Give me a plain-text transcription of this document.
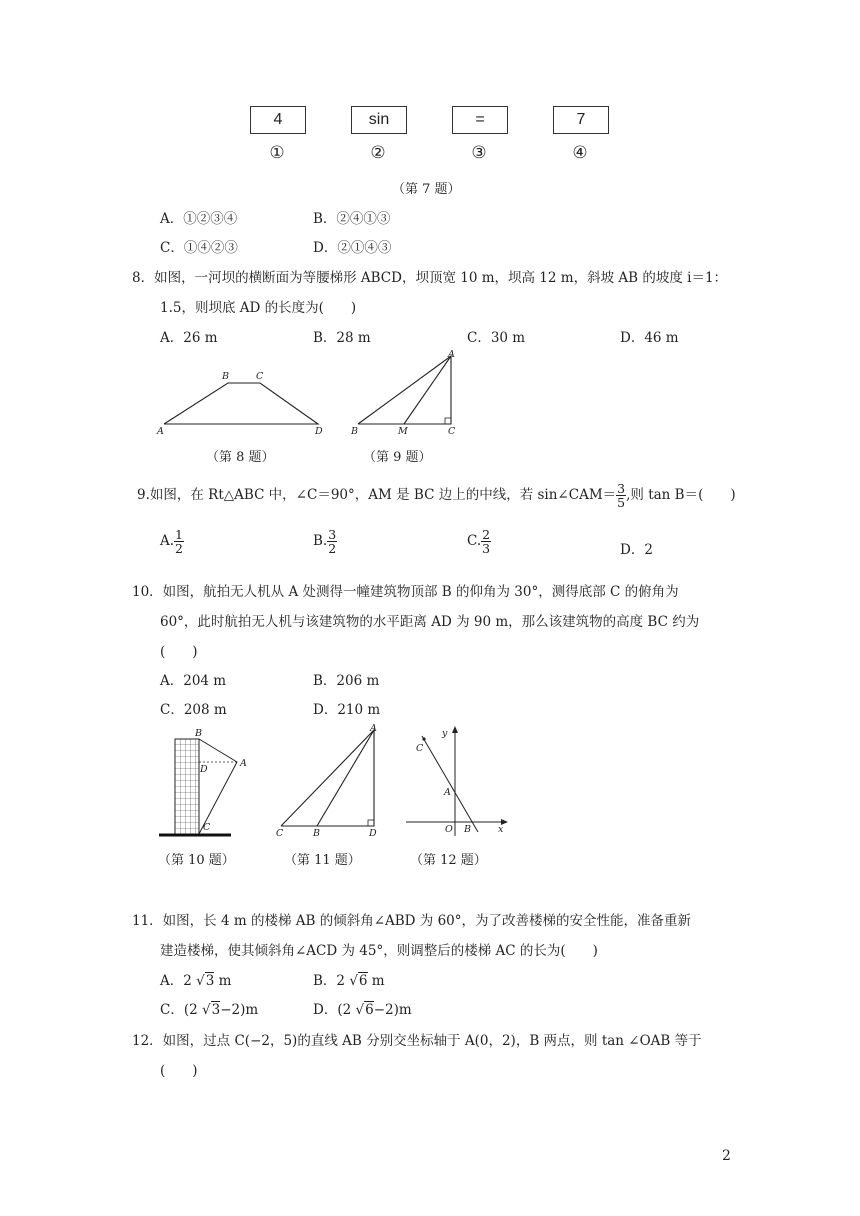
4	sin	=	7
①	②	③	④
（第 7 题）
A．①②③④	B．②④①③
C．①④②③	D．②①④③
8．如图，一河坝的横断面为等腰梯形 ABCD，坝顶宽 10 m，坝高 12 m，斜坡 AB 的坡度 i＝1：
1.5，则坝底 AD 的长度为(　　)
A．26 m	B．28 m	C．30 m	D．46 m
A
B	C
D
A
B	M	C
（第 8 题）	（第 9 题）
9.如图，在 Rt△ABC 中，∠C＝90°，AM 是 BC 边上的中线，若 sin∠CAM＝ $\frac{3}{5}$ ,则 tan B＝(　　)
A. $\frac{1}{2}$	B. $\frac{3}{2}$	C. $\frac{2}{3}$	D．2
10．如图，航拍无人机从 A 处测得一幢建筑物顶部 B 的仰角为 30°，测得底部 C 的俯角为
60°，此时航拍无人机与该建筑物的水平距离 AD 为 90 m，那么该建筑物的高度 BC 约为
(　　)
A．204 m	B．206 m
C．208 m	D．210 m
B
D
A
C
A
C	B	D
y
C
A
O B	x
（第 10 题）	（第 11 题）	（第 12 题）
11．如图，长 4 m 的楼梯 AB 的倾斜角∠ABD 为 60°，为了改善楼梯的安全性能，准备重新
建造楼梯，使其倾斜角∠ACD 为 45°，则调整后的楼梯 AC 的长为(　　)
A．2 √3 m	B．2 √6 m
C．(2 √3−2)m	D．(2 √6−2)m
12．如图，过点 C(−2，5)的直线 AB 分别交坐标轴于 A(0，2)，B 两点，则 tan ∠OAB 等于
(　　)
2
